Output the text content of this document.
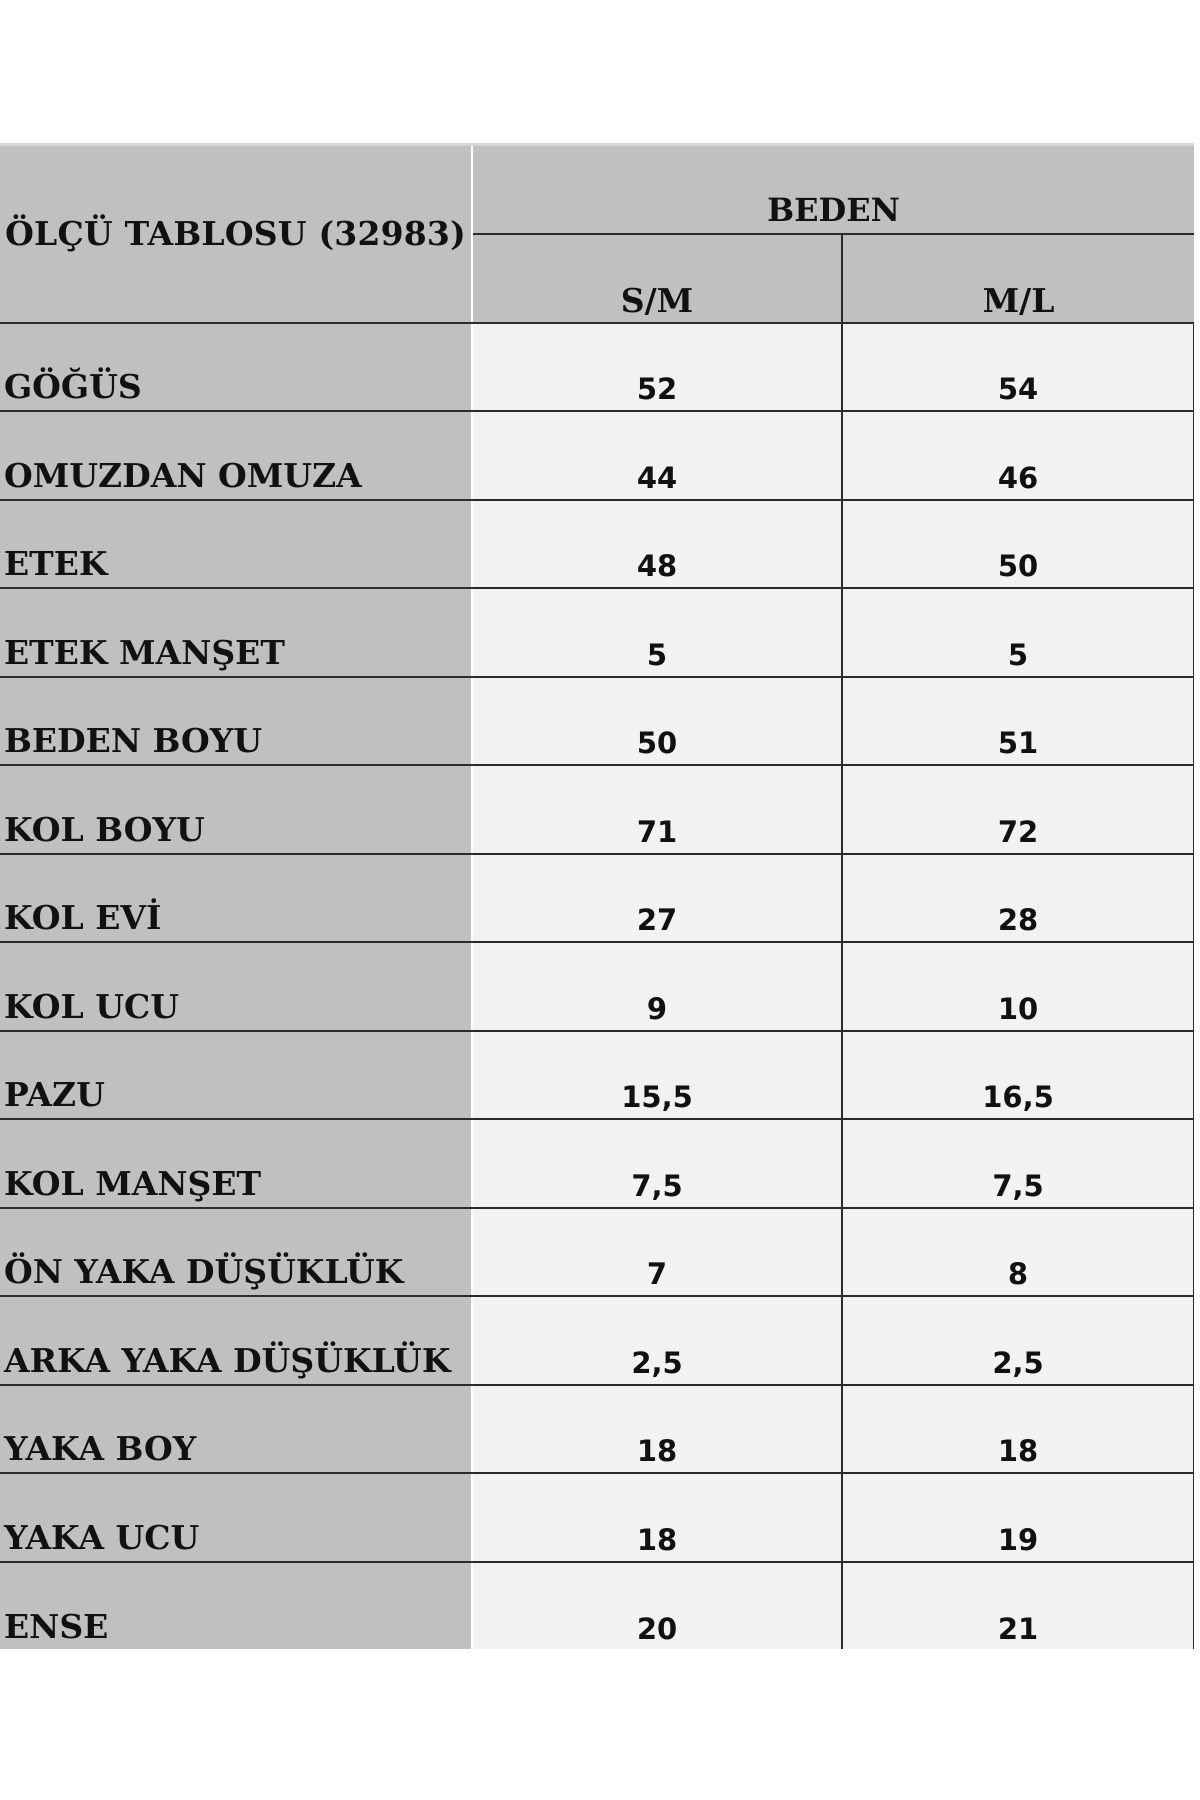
ÖLÇÜ TABLOSU (32983)	BEDEN	
	S/M	M/L
GÖĞÜS	52	54
OMUZDAN OMUZA	44	46
ETEK	48	50
ETEK MANŞET	5	5
BEDEN BOYU	50	51
KOL BOYU	71	72
KOL EVİ	27	28
KOL UCU	9	10
PAZU	15,5	16,5
KOL MANŞET	7,5	7,5
ÖN YAKA DÜŞÜKLÜK	7	8
ARKA YAKA DÜŞÜKLÜK	2,5	2,5
YAKA BOY	18	18
YAKA UCU	18	19
ENSE	20	21
